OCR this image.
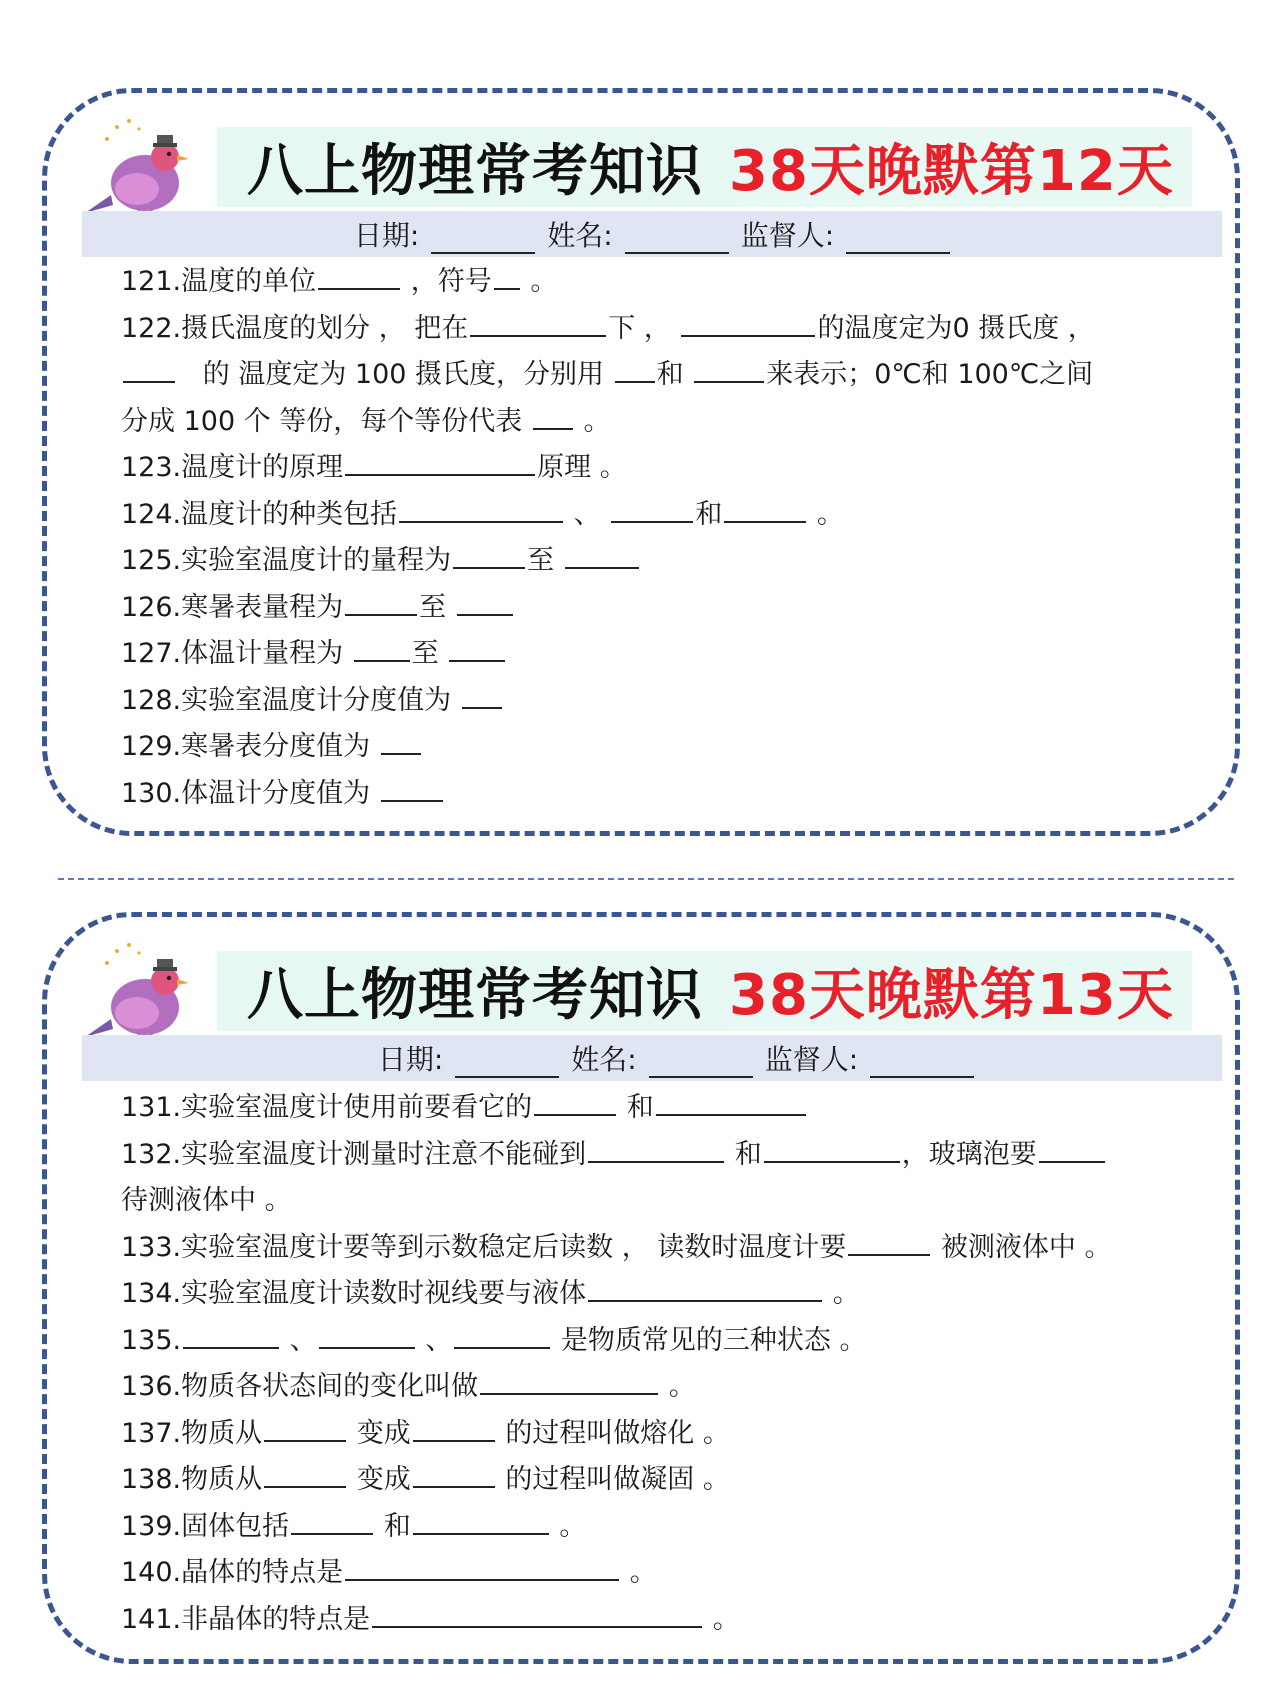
八上物理常考知识 38天晚默第12天
日期:	姓名:	监督人:
121.温度的单位	，符号 。
122.摄氏温度的划分 ， 把在	下 ，	的温度定为0 摄氏度 ，
的 温度定为 100 摄氏度，分别用 和	来表示；0℃和 100℃之间
分成 100 个 等份，每个等份代表 。
123.温度计的原理	原理 。
124.温度计的种类包括	、	和	。
125.实验室温度计的量程为	至
126.寒暑表量程为	至
127.体温计量程为	至
128.实验室温度计分度值为
129.寒暑表分度值为
130.体温计分度值为
八上物理常考知识 38天晚默第13天
日期:	姓名:	监督人:
131.实验室温度计使用前要看它的	和
132.实验室温度计测量时注意不能碰到	和	，玻璃泡要
待测液体中 。
133.实验室温度计要等到示数稳定后读数 ， 读数时温度计要	被测液体中 。
134.实验室温度计读数时视线要与液体	。
135.	、	、	是物质常见的三种状态 。
136.物质各状态间的变化叫做	。
137.物质从	变成	的过程叫做熔化 。
138.物质从	变成	的过程叫做凝固 。
139.固体包括	和	。
140.晶体的特点是	。
141.非晶体的特点是	。
